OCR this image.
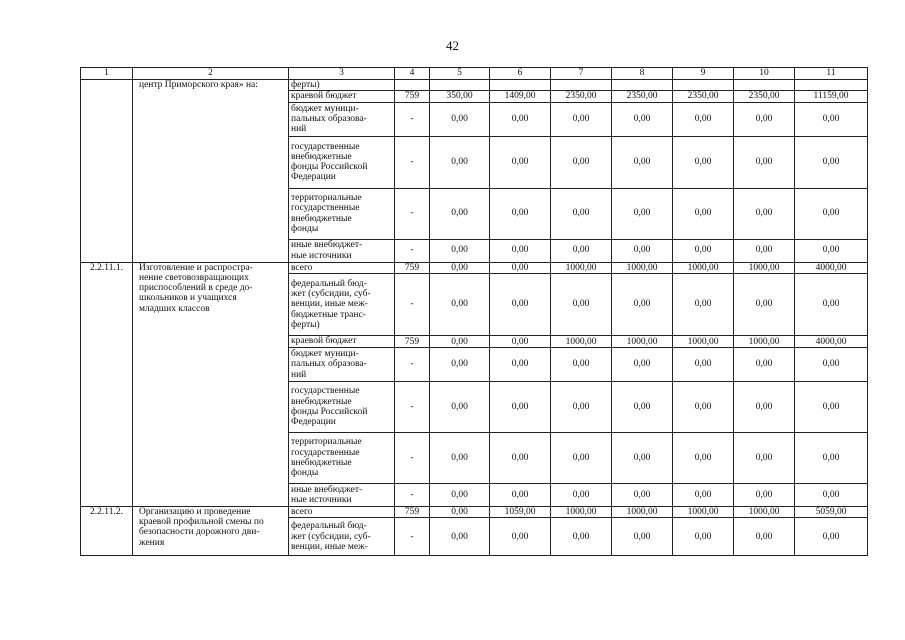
42
1	2	3	4	5	6	7	8	9	10	11
	центр Приморского края» на:	ферты)								
		краевой бюджет	759	350,00	1409,00	2350,00	2350,00	2350,00	2350,00	11159,00
		бюджет муници-
пальных образова-
ний	-	0,00	0,00	0,00	0,00	0,00	0,00	0,00
		государственные
внебюджетные
фонды Российской
Федерации	-	0,00	0,00	0,00	0,00	0,00	0,00	0,00
		территориальные
государственные
внебюджетные
фонды	-	0,00	0,00	0,00	0,00	0,00	0,00	0,00
		иные внебюджет-
ные источники	-	0,00	0,00	0,00	0,00	0,00	0,00	0,00
2.2.11.1.	Изготовление и распростра-
нение световозвращающих
приспособлений в среде до-
школьников и учащихся
младших классов	всего	759	0,00	0,00	1000,00	1000,00	1000,00	1000,00	4000,00
		федеральный бюд-
жет (субсидии, суб-
венции, иные меж-
бюджетные транс-
ферты)	-	0,00	0,00	0,00	0,00	0,00	0,00	0,00
		краевой бюджет	759	0,00	0,00	1000,00	1000,00	1000,00	1000,00	4000,00
		бюджет муници-
пальных образова-
ний	-	0,00	0,00	0,00	0,00	0,00	0,00	0,00
		государственные
внебюджетные
фонды Российской
Федерации	-	0,00	0,00	0,00	0,00	0,00	0,00	0,00
		территориальные
государственные
внебюджетные
фонды	-	0,00	0,00	0,00	0,00	0,00	0,00	0,00
		иные внебюджет-
ные источники	-	0,00	0,00	0,00	0,00	0,00	0,00	0,00
2.2.11.2.	Организацию и проведение
краевой профильной смены по
безопасности дорожного дви-
жения	всего	759	0,00	1059,00	1000,00	1000,00	1000,00	1000,00	5059,00
		федеральный бюд-
жет (субсидии, суб-
венции, иные меж-	-	0,00	0,00	0,00	0,00	0,00	0,00	0,00
